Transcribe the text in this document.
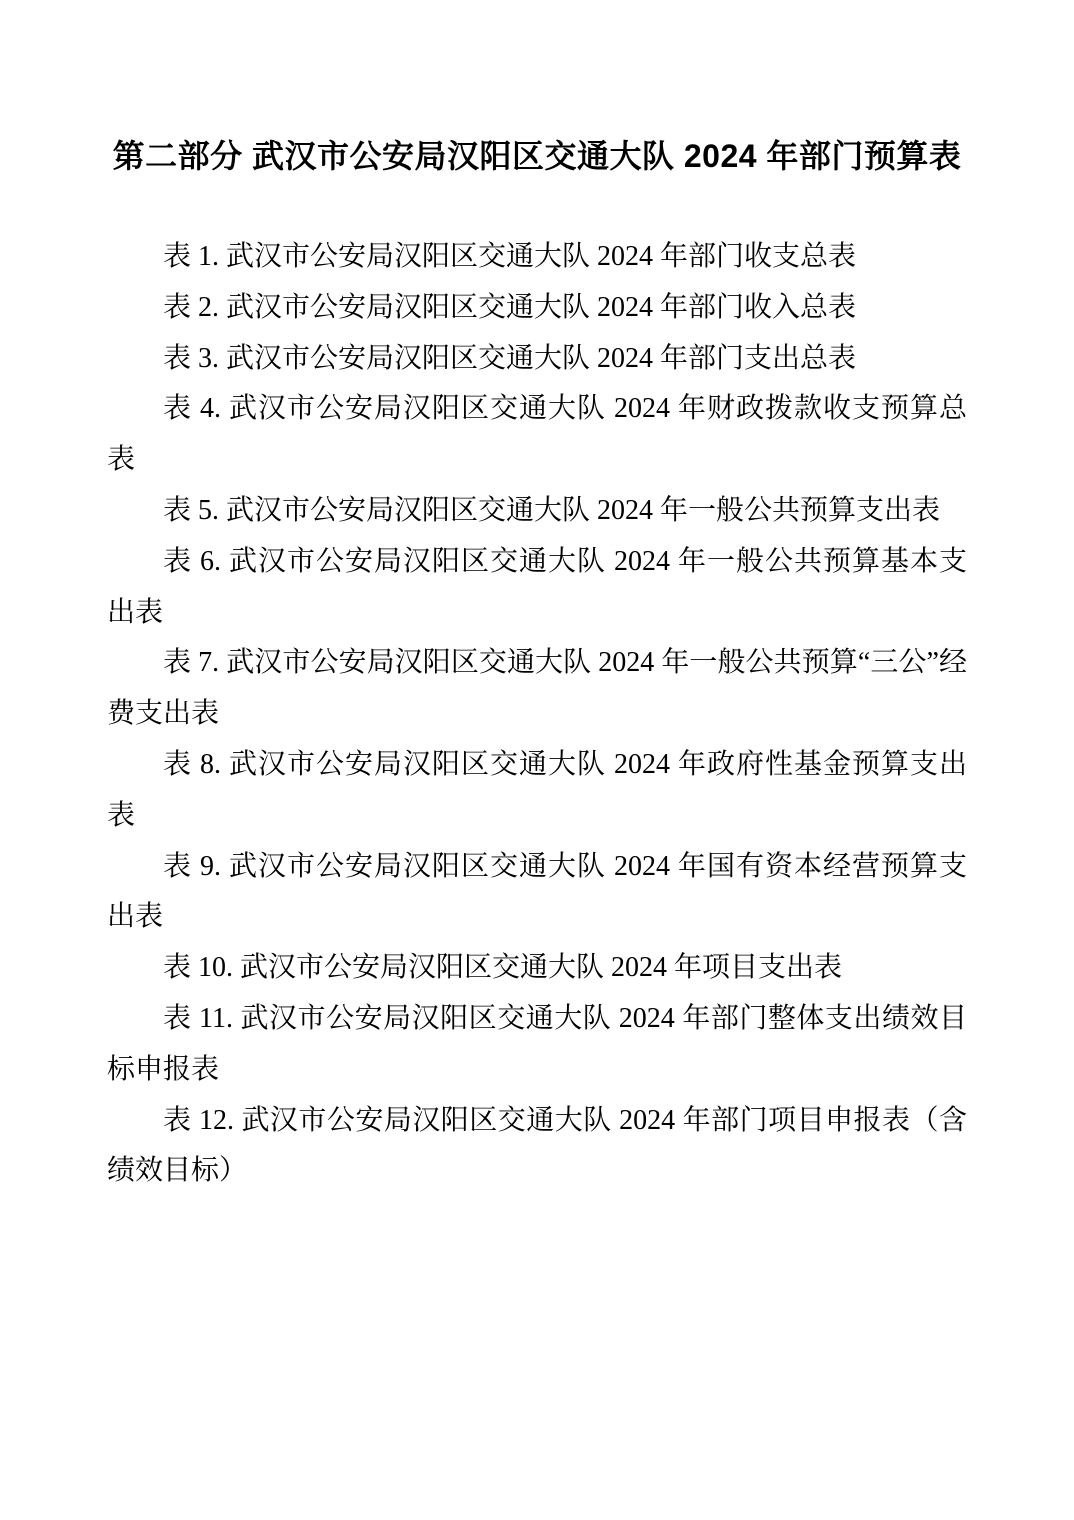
第二部分 武汉市公安局汉阳区交通大队 2024 年部门预算表

表 1. 武汉市公安局汉阳区交通大队 2024 年部门收支总表

表 2. 武汉市公安局汉阳区交通大队 2024 年部门收入总表

表 3. 武汉市公安局汉阳区交通大队 2024 年部门支出总表

表 4. 武汉市公安局汉阳区交通大队 2024 年财政拨款收支预算总表

表 5. 武汉市公安局汉阳区交通大队 2024 年一般公共预算支出表

表 6. 武汉市公安局汉阳区交通大队 2024 年一般公共预算基本支出表

表 7. 武汉市公安局汉阳区交通大队 2024 年一般公共预算“三公”经费支出表

表 8. 武汉市公安局汉阳区交通大队 2024 年政府性基金预算支出表

表 9. 武汉市公安局汉阳区交通大队 2024 年国有资本经营预算支出表

表 10. 武汉市公安局汉阳区交通大队 2024 年项目支出表

表 11. 武汉市公安局汉阳区交通大队 2024 年部门整体支出绩效目标申报表

表 12. 武汉市公安局汉阳区交通大队 2024 年部门项目申报表（含绩效目标）
